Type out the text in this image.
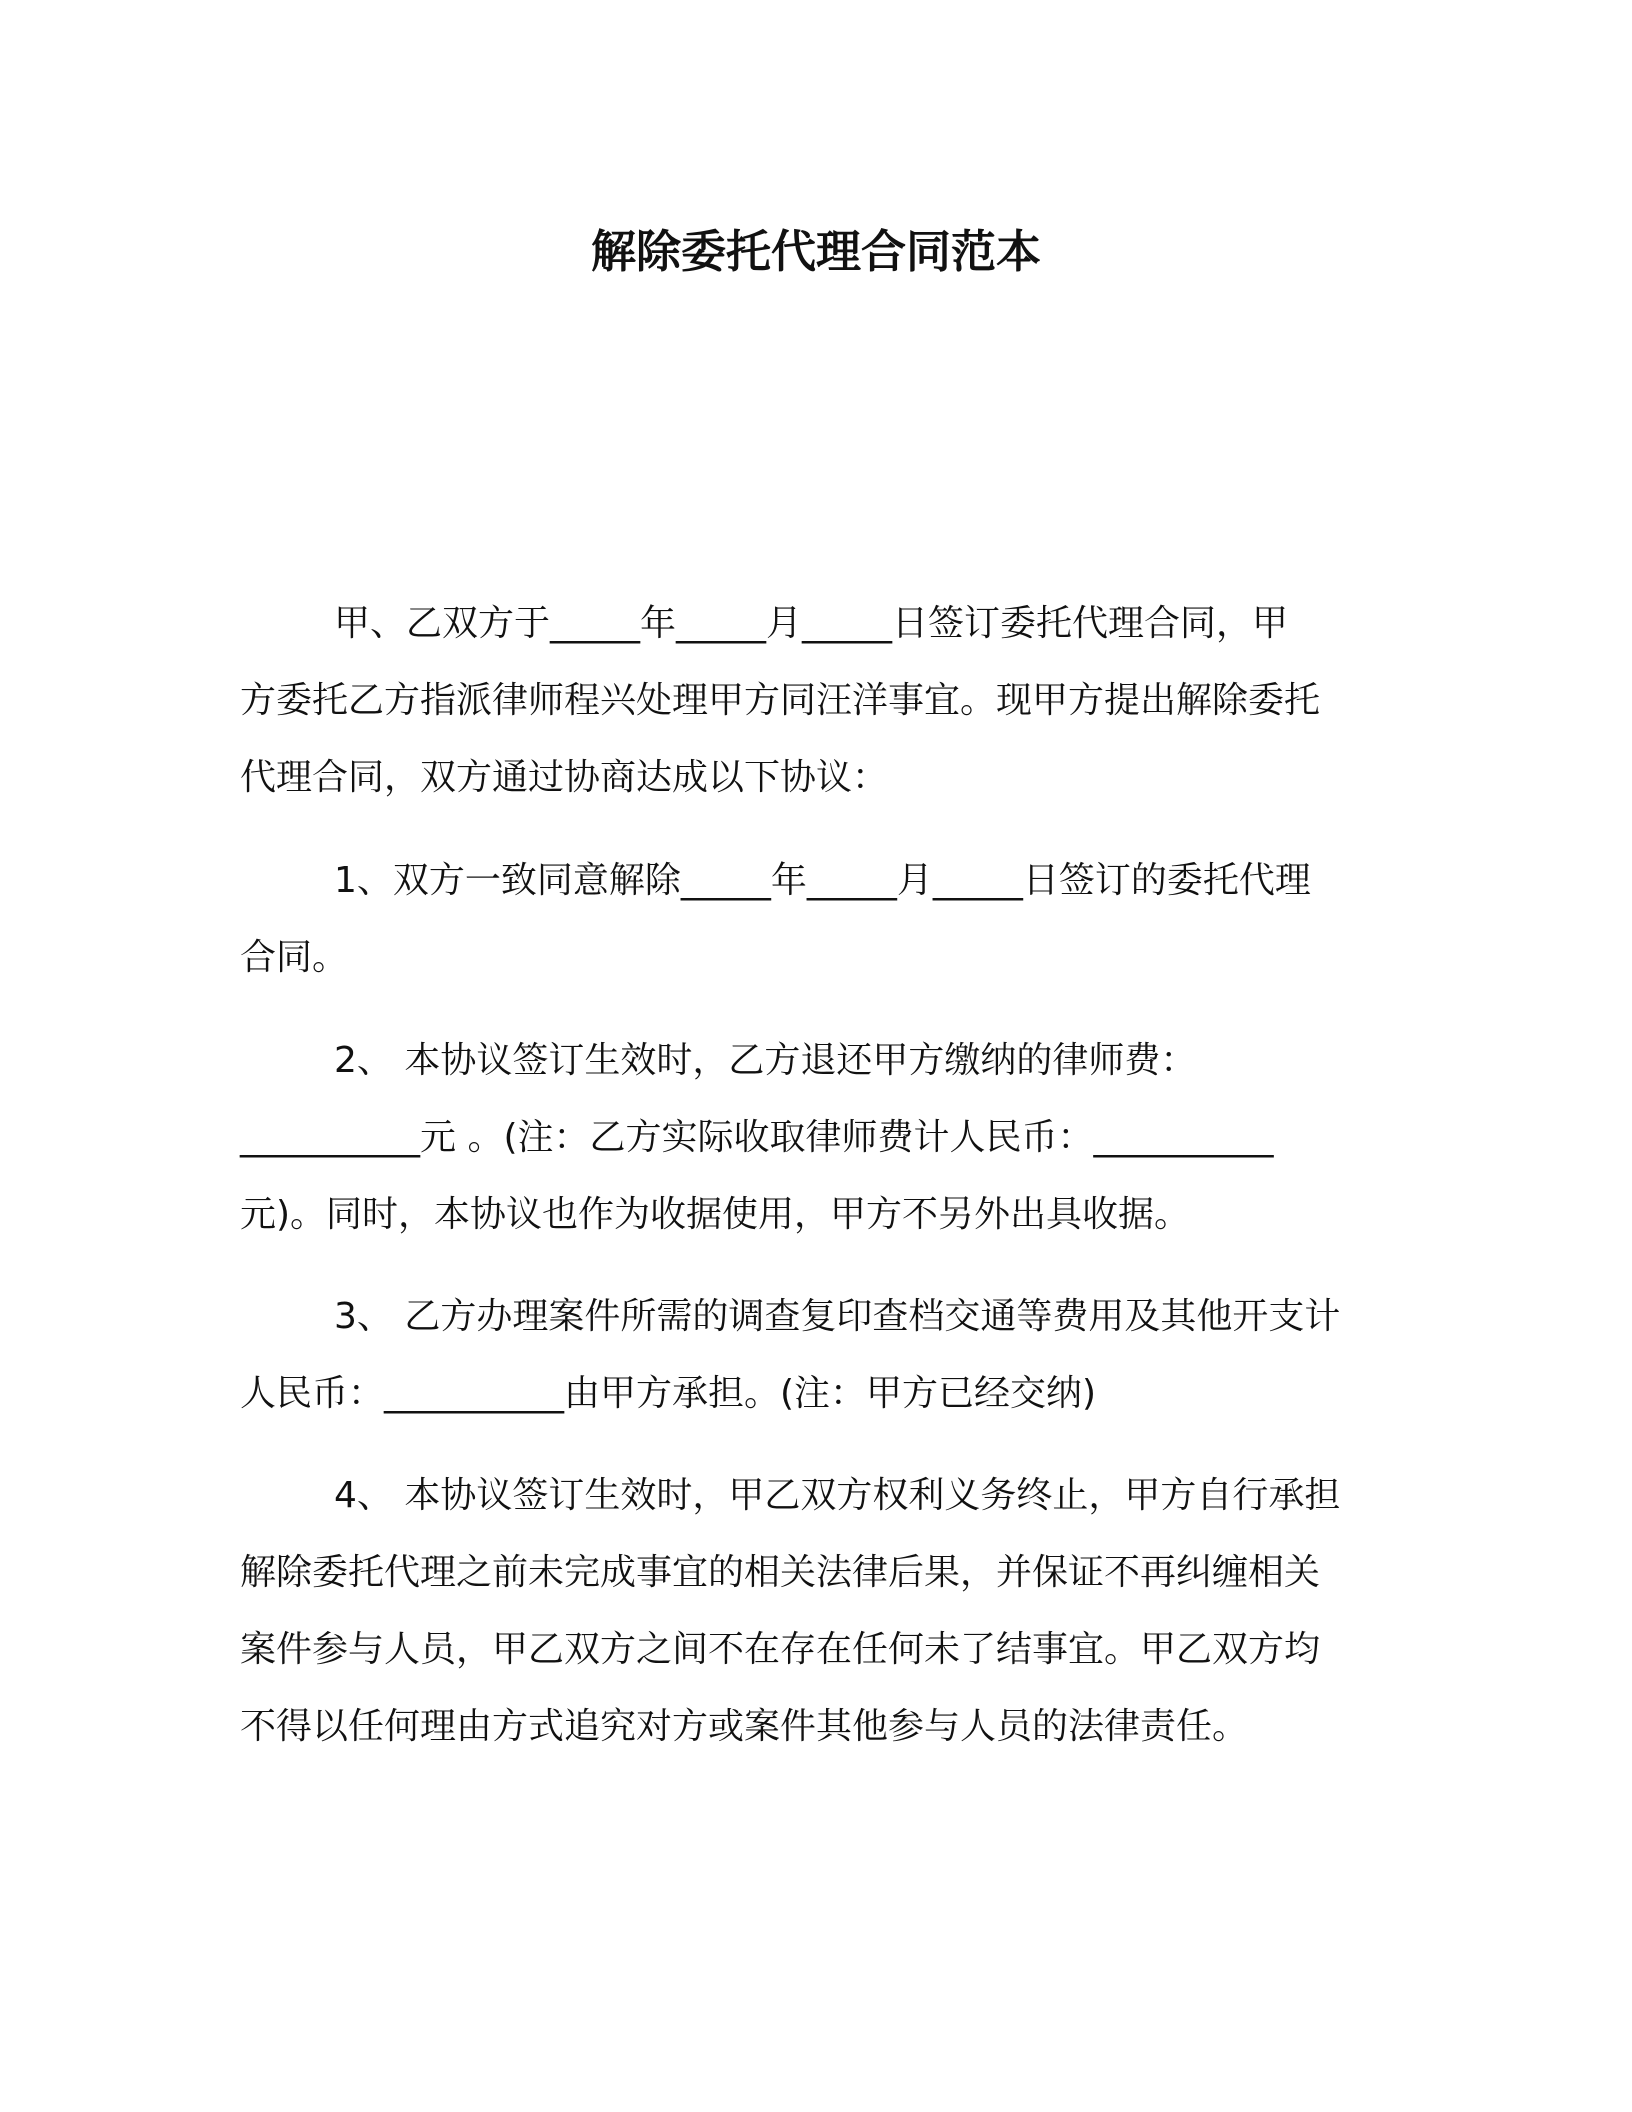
解除委托代理合同范本
甲、乙双方于_____年_____月_____日签订委托代理合同，甲
方委托乙方指派律师程兴处理甲方同汪洋事宜。现甲方提出解除委托
代理合同，双方通过协商达成以下协议：
1、双方一致同意解除_____年_____月_____日签订的委托代理
合同。
2、 本协议签订生效时，乙方退还甲方缴纳的律师费：
__________元 。(注：乙方实际收取律师费计人民币：__________
元)。同时，本协议也作为收据使用，甲方不另外出具收据。
3、 乙方办理案件所需的调查复印查档交通等费用及其他开支计
人民币：__________由甲方承担。(注：甲方已经交纳)
4、 本协议签订生效时，甲乙双方权利义务终止，甲方自行承担
解除委托代理之前未完成事宜的相关法律后果，并保证不再纠缠相关
案件参与人员，甲乙双方之间不在存在任何未了结事宜。甲乙双方均
不得以任何理由方式追究对方或案件其他参与人员的法律责任。
